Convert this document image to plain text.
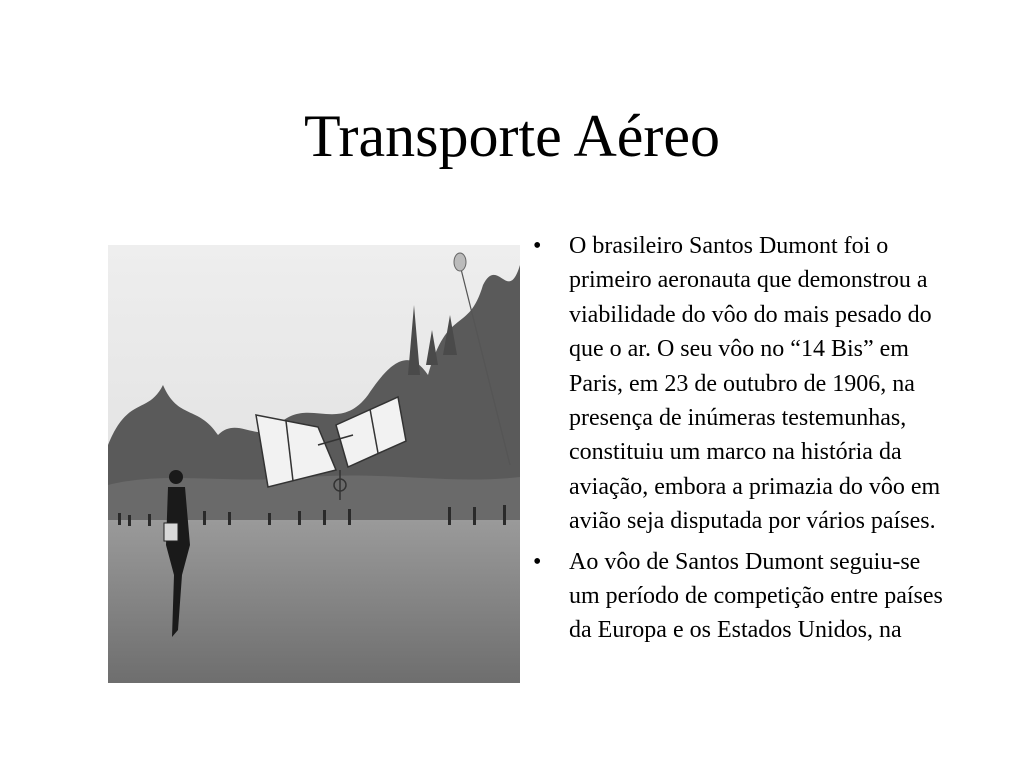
Transporte Aéreo
• O brasileiro Santos Dumont foi o primeiro aeronauta que demonstrou a viabilidade do vôo do mais pesado do que o ar. O seu vôo no “14 Bis” em Paris, em 23 de outubro de 1906, na presença de inúmeras testemunhas, constituiu um marco na história da aviação, embora a primazia do vôo em avião seja disputada por vários países.
• Ao vôo de Santos Dumont seguiu-se um período de competição entre países da Europa e os Estados Unidos, na
